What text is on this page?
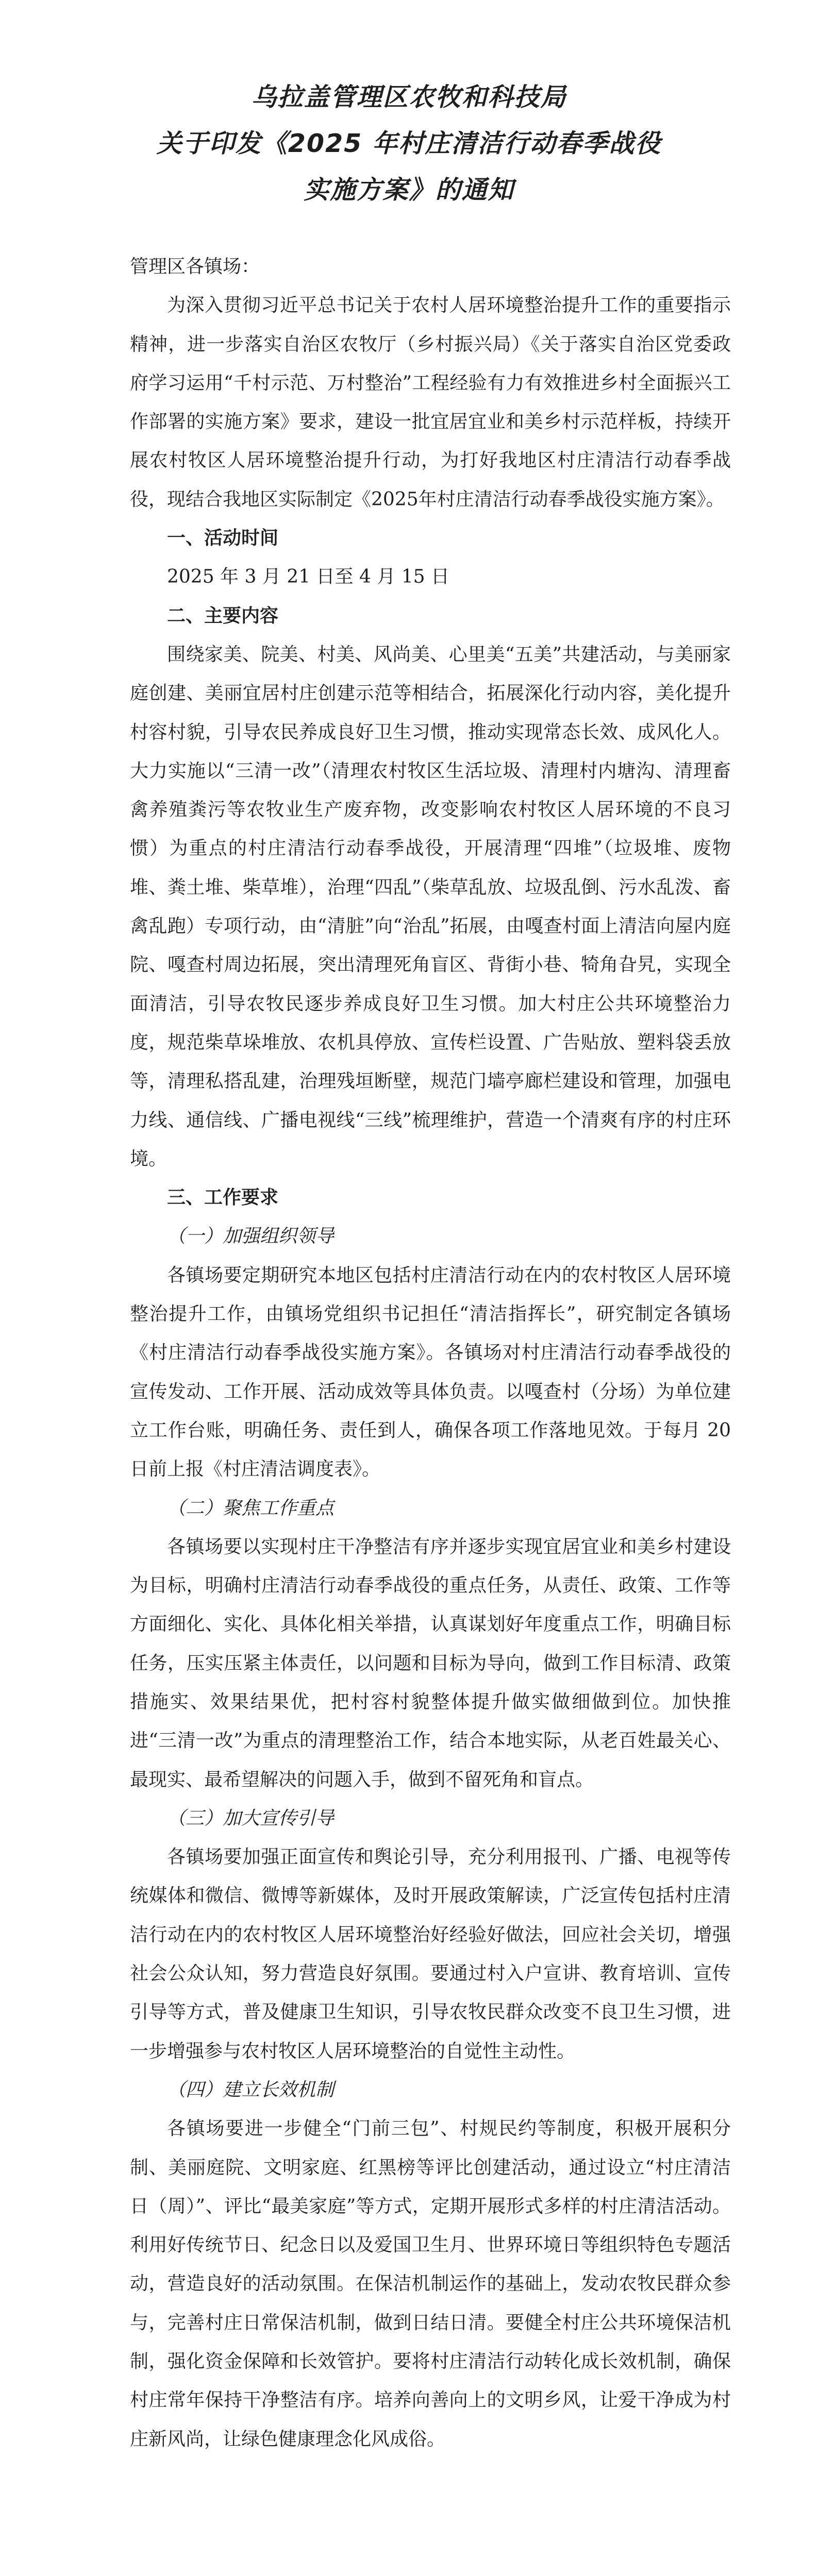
乌拉盖管理区农牧和科技局
关于印发《2025 年村庄清洁行动春季战役
实施方案》的通知

管理区各镇场：

为深入贯彻习近平总书记关于农村人居环境整治提升工作的重要指示精神，进一步落实自治区农牧厅（乡村振兴局）《关于落实自治区党委政府学习运用“千村示范、万村整治”工程经验有力有效推进乡村全面振兴工作部署的实施方案》要求，建设一批宜居宜业和美乡村示范样板，持续开展农村牧区人居环境整治提升行动，为打好我地区村庄清洁行动春季战役，现结合我地区实际制定《2025年村庄清洁行动春季战役实施方案》。

一、活动时间

2025 年 3 月 21 日至 4 月 15 日

二、主要内容

围绕家美、院美、村美、风尚美、心里美“五美”共建活动，与美丽家庭创建、美丽宜居村庄创建示范等相结合，拓展深化行动内容，美化提升村容村貌，引导农民养成良好卫生习惯，推动实现常态长效、成风化人。大力实施以“三清一改”（清理农村牧区生活垃圾、清理村内塘沟、清理畜禽养殖粪污等农牧业生产废弃物，改变影响农村牧区人居环境的不良习惯）为重点的村庄清洁行动春季战役，开展清理“四堆”（垃圾堆、废物堆、粪土堆、柴草堆），治理“四乱”（柴草乱放、垃圾乱倒、污水乱泼、畜禽乱跑）专项行动，由“清脏”向“治乱”拓展，由嘎查村面上清洁向屋内庭院、嘎查村周边拓展，突出清理死角盲区、背街小巷、犄角旮旯，实现全面清洁，引导农牧民逐步养成良好卫生习惯。加大村庄公共环境整治力度，规范柴草垛堆放、农机具停放、宣传栏设置、广告贴放、塑料袋丢放等，清理私搭乱建，治理残垣断壁，规范门墙亭廊栏建设和管理，加强电力线、通信线、广播电视线“三线”梳理维护，营造一个清爽有序的村庄环境。

三、工作要求

（一）加强组织领导

各镇场要定期研究本地区包括村庄清洁行动在内的农村牧区人居环境整治提升工作，由镇场党组织书记担任“清洁指挥长”，研究制定各镇场《村庄清洁行动春季战役实施方案》。各镇场对村庄清洁行动春季战役的宣传发动、工作开展、活动成效等具体负责。以嘎查村（分场）为单位建立工作台账，明确任务、责任到人，确保各项工作落地见效。于每月 20 日前上报《村庄清洁调度表》。

（二）聚焦工作重点

各镇场要以实现村庄干净整洁有序并逐步实现宜居宜业和美乡村建设为目标，明确村庄清洁行动春季战役的重点任务，从责任、政策、工作等方面细化、实化、具体化相关举措，认真谋划好年度重点工作，明确目标任务，压实压紧主体责任，以问题和目标为导向，做到工作目标清、政策措施实、效果结果优，把村容村貌整体提升做实做细做到位。加快推进“三清一改”为重点的清理整治工作，结合本地实际，从老百姓最关心、最现实、最希望解决的问题入手，做到不留死角和盲点。

（三）加大宣传引导

各镇场要加强正面宣传和舆论引导，充分利用报刊、广播、电视等传统媒体和微信、微博等新媒体，及时开展政策解读，广泛宣传包括村庄清洁行动在内的农村牧区人居环境整治好经验好做法，回应社会关切，增强社会公众认知，努力营造良好氛围。要通过村入户宣讲、教育培训、宣传引导等方式，普及健康卫生知识，引导农牧民群众改变不良卫生习惯，进一步增强参与农村牧区人居环境整治的自觉性主动性。

（四）建立长效机制

各镇场要进一步健全“门前三包”、村规民约等制度，积极开展积分制、美丽庭院、文明家庭、红黑榜等评比创建活动，通过设立“村庄清洁日（周）”、评比“最美家庭”等方式，定期开展形式多样的村庄清洁活动。利用好传统节日、纪念日以及爱国卫生月、世界环境日等组织特色专题活动，营造良好的活动氛围。在保洁机制运作的基础上，发动农牧民群众参与，完善村庄日常保洁机制，做到日结日清。要健全村庄公共环境保洁机制，强化资金保障和长效管护。要将村庄清洁行动转化成长效机制，确保村庄常年保持干净整洁有序。培养向善向上的文明乡风，让爱干净成为村庄新风尚，让绿色健康理念化风成俗。
